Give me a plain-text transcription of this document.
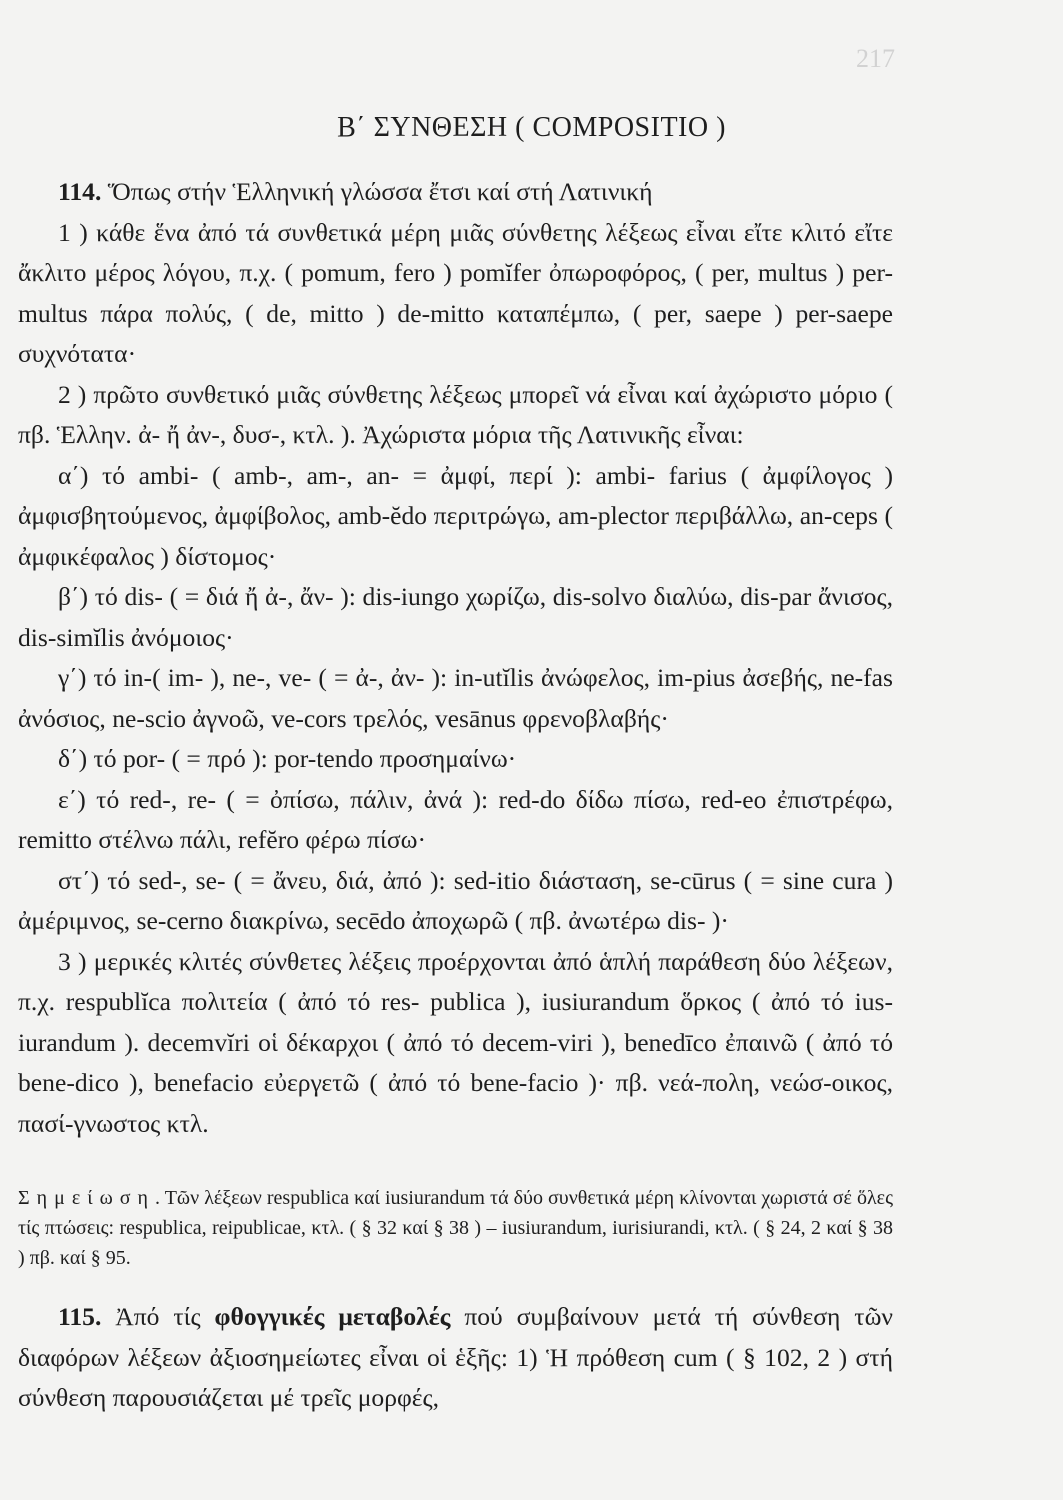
217
Β΄ ΣΥΝΘΕΣΗ ( COMPOSITIO )

114. Ὅπως στήν Ἑλληνική γλώσσα ἔτσι καί στή Λατινική

1 ) κάθε ἕνα ἀπό τά συνθετικά μέρη μιᾶς σύνθετης λέξεως εἶναι εἴτε κλιτό εἴτε ἄκλιτο μέρος λόγου, π.χ. ( pomum, fero ) pomĭfer ὀπωροφόρος, ( per, multus ) per-multus πάρα πολύς, ( de, mitto ) de-mitto καταπέμπω, ( per, saepe ) per-saepe συχνότατα·

2 ) πρῶτο συνθετικό μιᾶς σύνθετης λέξεως μπορεῖ νά εἶναι καί ἀχώριστο μόριο ( πβ. Ἑλλην. ἀ- ἤ ἀν-, δυσ-, κτλ. ). Ἀχώριστα μόρια τῆς Λατινικῆς εἶναι:

α΄) τό ambi- ( amb-, am-, an- = ἀμφί, περί ): ambi- farius ( ἀμφίλογος ) ἀμφισβητούμενος, ἀμφίβολος, amb-ĕdo περιτρώγω, am-plector περιβάλλω, an-ceps ( ἀμφικέφαλος ) δίστομος·

β΄) τό dis- ( = διά ἤ ἀ-, ἄν- ): dis-iungo χωρίζω, dis-solvo διαλύω, dis-par ἄνισος, dis-simĭlis ἀνόμοιος·

γ΄) τό in-( im- ), ne-, ve- ( = ἀ-, ἀν- ): in-utĭlis ἀνώφελος, im-pius ἀσεβής, ne-fas ἀνόσιος, ne-scio ἀγνοῶ, ve-cors τρελός, vesānus φρενοβλαβής·

δ΄) τό por- ( = πρό ): por-tendo προσημαίνω·

ε΄) τό red-, re- ( = ὀπίσω, πάλιν, ἀνά ): red-do δίδω πίσω, red-eo ἐπιστρέφω, remitto στέλνω πάλι, refĕro φέρω πίσω·

στ΄) τό sed-, se- ( = ἄνευ, διά, ἀπό ): sed-itio διάσταση, se-cūrus ( = sine cura ) ἀμέριμνος, se-cerno διακρίνω, secēdo ἀποχωρῶ ( πβ. ἀνωτέρω dis- )·

3 ) μερικές κλιτές σύνθετες λέξεις προέρχονται ἀπό ἁπλή παράθεση δύο λέξεων, π.χ. respublĭca πολιτεία ( ἀπό τό res- publica ), iusiurandum ὅρκος ( ἀπό τό ius-iurandum ). decemvĭri οἱ δέκαρχοι ( ἀπό τό decem-viri ), benedīco ἐπαινῶ ( ἀπό τό bene-dico ), benefacio εὐεργετῶ ( ἀπό τό bene-facio )· πβ. νεά-πολη, νεώσ-οικος, πασί-γνωστος κτλ.

Σημείωση. Τῶν λέξεων respublica καί iusiurandum τά δύο συνθετικά μέρη κλίνονται χωριστά σέ ὅλες τίς πτώσεις: respublica, reipublicae, κτλ. ( § 32 καί § 38 ) – iusiurandum, iurisiurandi, κτλ. ( § 24, 2 καί § 38 ) πβ. καί § 95.

115. Ἀπό τίς φθογγικές μεταβολές πού συμβαίνουν μετά τή σύνθεση τῶν διαφόρων λέξεων ἀξιοσημείωτες εἶναι οἱ ἑξῆς: 1) Ἡ πρόθεση cum ( § 102, 2 ) στή σύνθεση παρουσιάζεται μέ τρεῖς μορφές,
